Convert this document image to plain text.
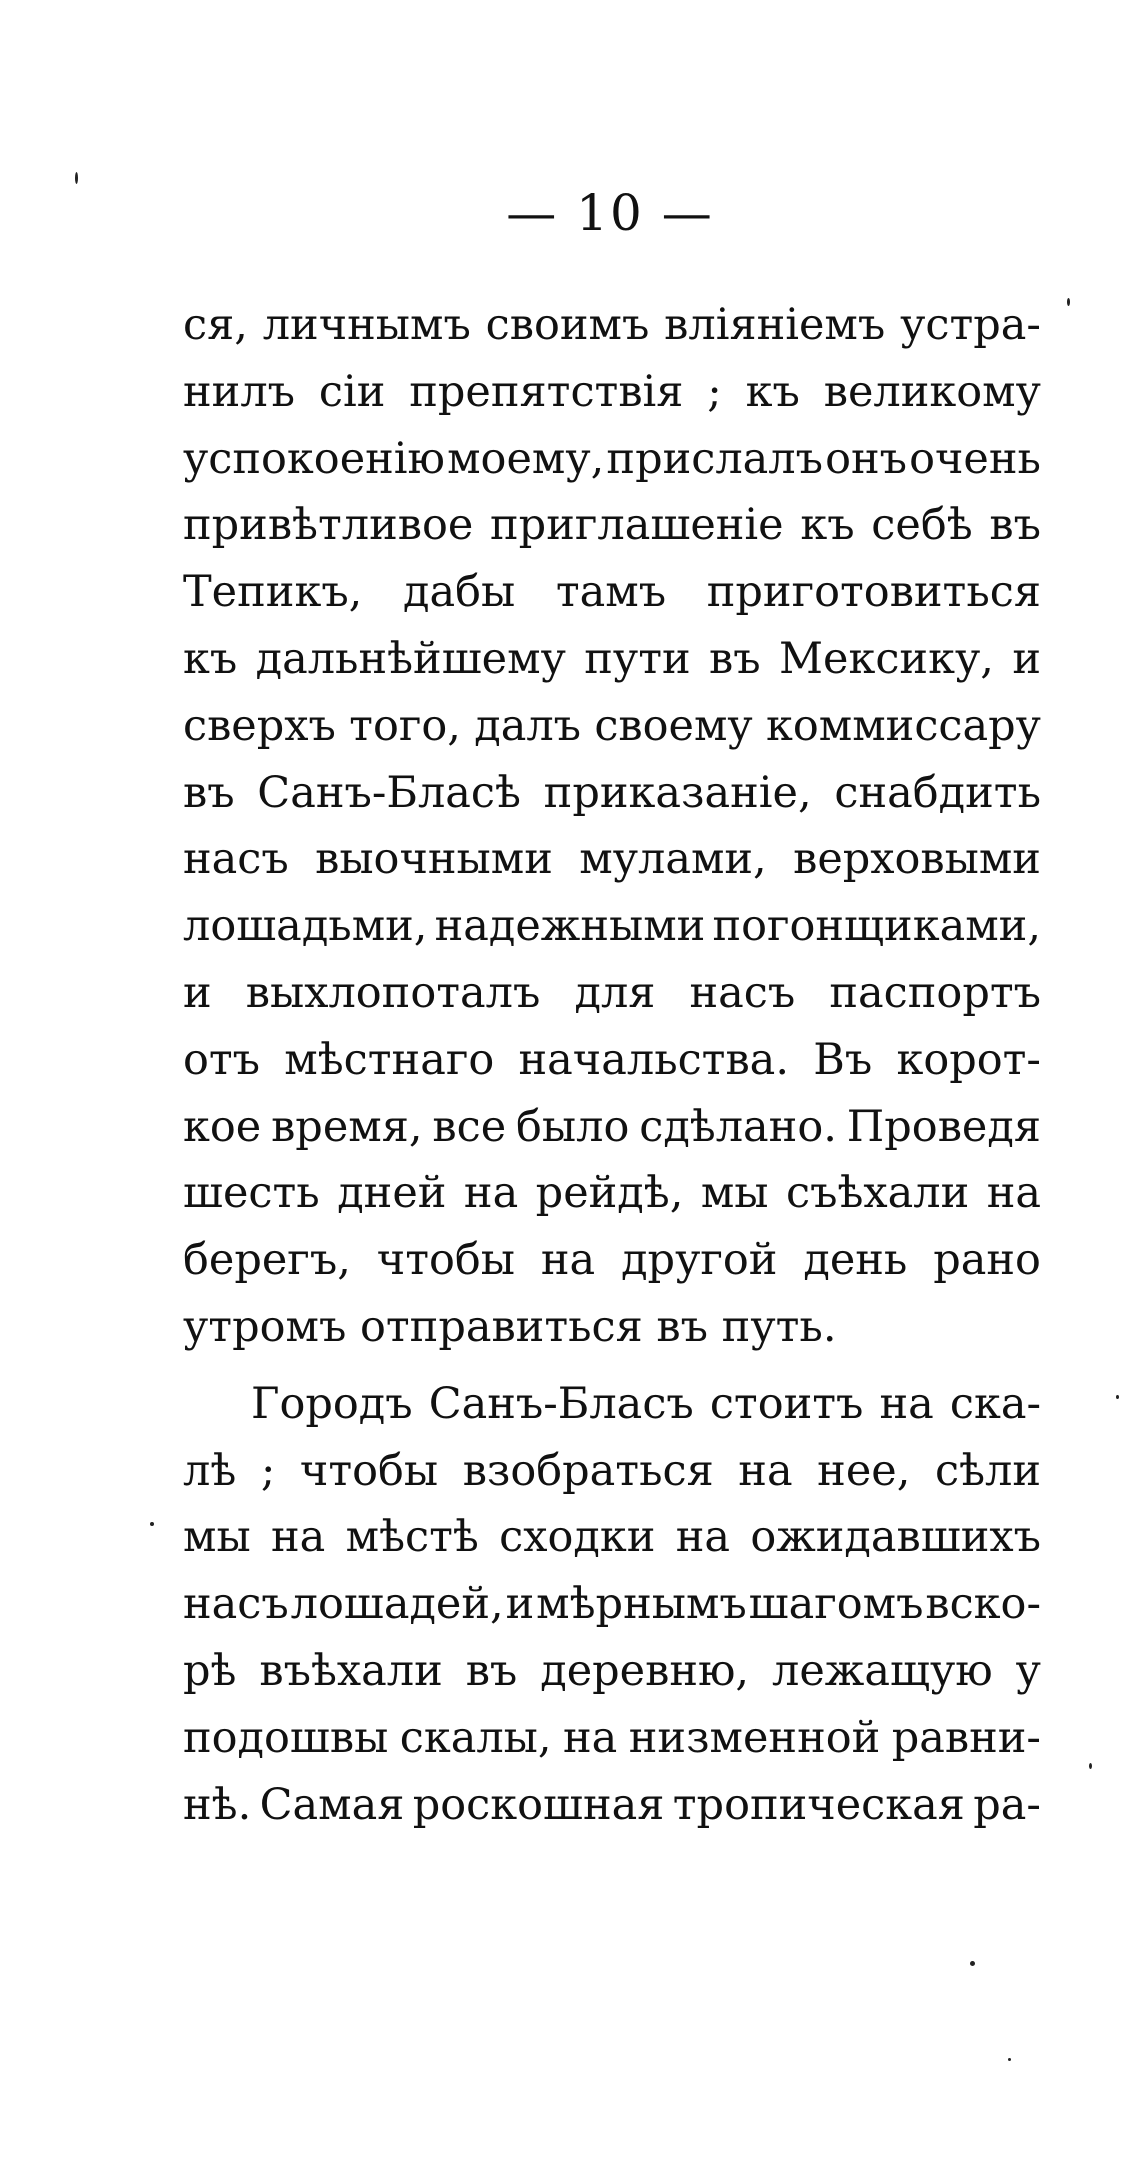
— 10 —
ся, личнымъ своимъ вліяніемъ устра-
нилъ сіи препятствія ; къ великому
успокоенію моему, прислалъ онъ очень
привѣтливое приглашеніе къ себѣ въ
Тепикъ, дабы тамъ приготовиться
къ дальнѣйшему пути въ Мексику, и
сверхъ того, далъ своему коммиссару
въ Санъ-Бласѣ приказаніе, снабдить
насъ выочными мулами, верховыми
лошадьми, надежными погонщиками,
и выхлопоталъ для насъ паспортъ
отъ мѣстнаго начальства. Въ корот-
кое время, все было сдѣлано. Проведя
шесть дней на рейдѣ, мы съѣхали на
берегъ, чтобы на другой день рано
утромъ отправиться въ путь.
Городъ Санъ-Бласъ стоитъ на ска-
лѣ ; чтобы взобраться на нее, сѣли
мы на мѣстѣ сходки на ожидавшихъ
насъ лошадей, и мѣрнымъ шагомъ вско-
рѣ въѣхали въ деревню, лежащую у
подошвы скалы, на низменной равни-
нѣ. Самая роскошная тропическая ра-
